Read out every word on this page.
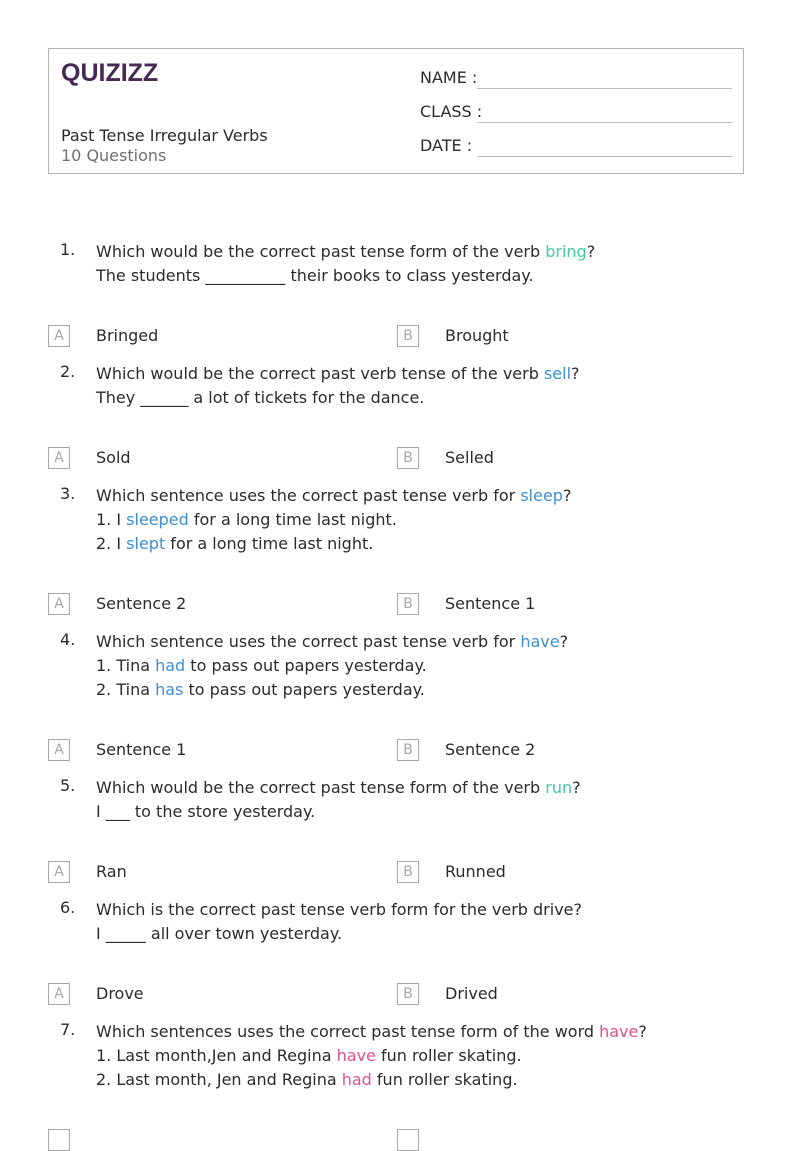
QUIZIZZ
Past Tense Irregular Verbs
10 Questions
NAME :
CLASS :
DATE :
1. Which would be the correct past tense form of the verb bring?
The students __________ their books to class yesterday.
A	Bringed	B	Brought
2. Which would be the correct past verb tense of the verb sell?
They ______ a lot of tickets for the dance.
A	Sold	B	Selled
3. Which sentence uses the correct past tense verb for sleep?
1. I sleeped for a long time last night.
2. I slept for a long time last night.
A	Sentence 2	B	Sentence 1
4. Which sentence uses the correct past tense verb for have?
1. Tina had to pass out papers yesterday.
2. Tina has to pass out papers yesterday.
A	Sentence 1	B	Sentence 2
5. Which would be the correct past tense form of the verb run?
I ___ to the store yesterday.
A	Ran	B	Runned
6. Which is the correct past tense verb form for the verb drive?
I _____ all over town yesterday.
A	Drove	B	Drived
7. Which sentences uses the correct past tense form of the word have?
1. Last month,Jen and Regina have fun roller skating.
2. Last month, Jen and Regina had fun roller skating.
